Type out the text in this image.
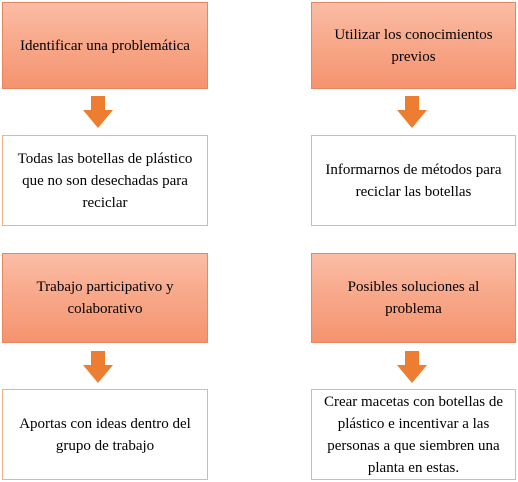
Identificar una problemática
Todas las botellas de plástico que no son desechadas para reciclar
Trabajo participativo y colaborativo
Aportas con ideas dentro del grupo de trabajo
Utilizar los conocimientos previos
Informarnos de métodos para reciclar las botellas
Posibles soluciones al problema
Crear macetas con botellas de plástico e incentivar a las personas a que siembren una planta en estas.
